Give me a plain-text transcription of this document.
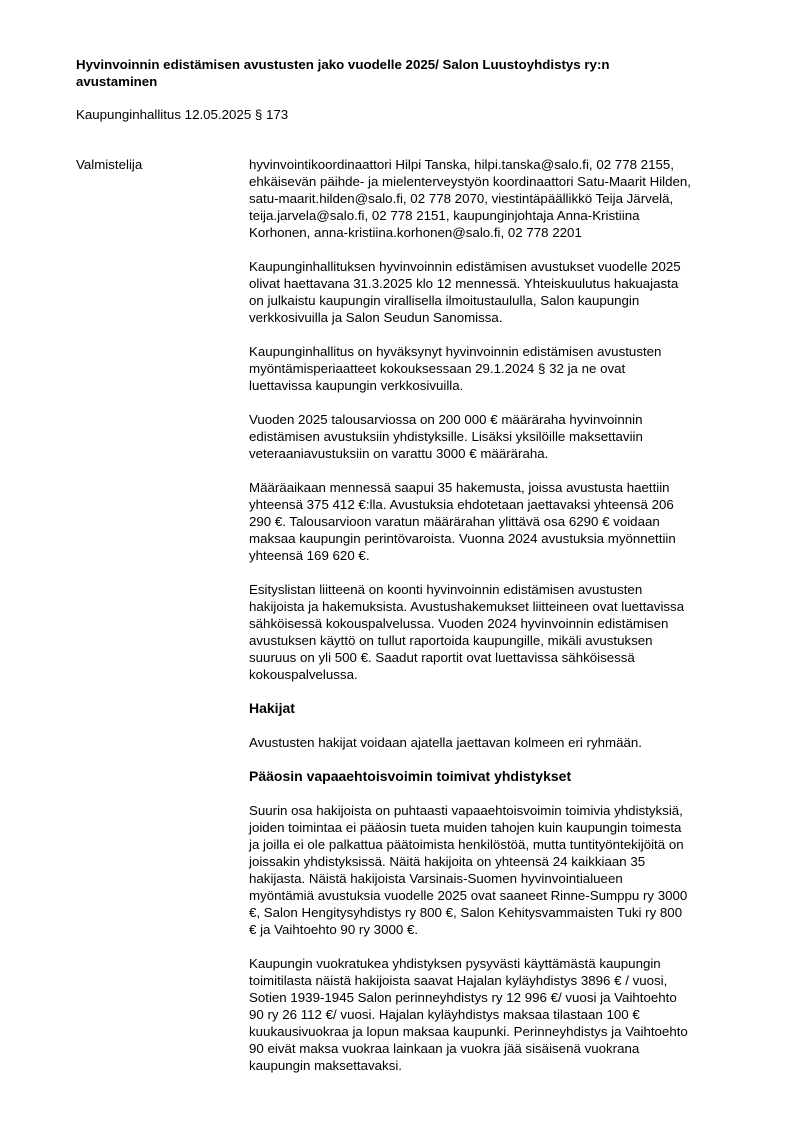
Hyvinvoinnin edistämisen avustusten jako vuodelle 2025/ Salon Luustoyhdistys ry:n
avustaminen
Kaupunginhallitus 12.05.2025 § 173
Valmistelija	hyvinvointikoordinaattori Hilpi Tanska, hilpi.tanska@salo.fi, 02 778 2155,
ehkäisevän päihde- ja mielenterveystyön koordinaattori Satu-Maarit Hilden,
satu-maarit.hilden@salo.fi, 02 778 2070, viestintäpäällikkö Teija Järvelä,
teija.jarvela@salo.fi, 02 778 2151, kaupunginjohtaja Anna-Kristiina
Korhonen, anna-kristiina.korhonen@salo.fi, 02 778 2201

Kaupunginhallituksen hyvinvoinnin edistämisen avustukset vuodelle 2025
olivat haettavana 31.3.2025 klo 12 mennessä. Yhteiskuulutus hakuajasta
on julkaistu kaupungin virallisella ilmoitustaululla, Salon kaupungin
verkkosivuilla ja Salon Seudun Sanomissa.

Kaupunginhallitus on hyväksynyt hyvinvoinnin edistämisen avustusten
myöntämisperiaatteet kokouksessaan 29.1.2024 § 32 ja ne ovat
luettavissa kaupungin verkkosivuilla.

Vuoden 2025 talousarviossa on 200 000 € määräraha hyvinvoinnin
edistämisen avustuksiin yhdistyksille. Lisäksi yksilöille maksettaviin
veteraaniavustuksiin on varattu 3000 € määräraha.

Määräaikaan mennessä saapui 35 hakemusta, joissa avustusta haettiin
yhteensä 375 412 €:lla. Avustuksia ehdotetaan jaettavaksi yhteensä 206
290 €. Talousarvioon varatun määrärahan ylittävä osa 6290 € voidaan
maksaa kaupungin perintövaroista. Vuonna 2024 avustuksia myönnettiin
yhteensä 169 620 €.

Esityslistan liitteenä on koonti hyvinvoinnin edistämisen avustusten
hakijoista ja hakemuksista. Avustushakemukset liitteineen ovat luettavissa
sähköisessä kokouspalvelussa. Vuoden 2024 hyvinvoinnin edistämisen
avustuksen käyttö on tullut raportoida kaupungille, mikäli avustuksen
suuruus on yli 500 €. Saadut raportit ovat luettavissa sähköisessä
kokouspalvelussa.

Hakijat

Avustusten hakijat voidaan ajatella jaettavan kolmeen eri ryhmään.

Pääosin vapaaehtoisvoimin toimivat yhdistykset

Suurin osa hakijoista on puhtaasti vapaaehtoisvoimin toimivia yhdistyksiä,
joiden toimintaa ei pääosin tueta muiden tahojen kuin kaupungin toimesta
ja joilla ei ole palkattua päätoimista henkilöstöä, mutta tuntityöntekijöitä on
joissakin yhdistyksissä. Näitä hakijoita on yhteensä 24 kaikkiaan 35
hakijasta. Näistä hakijoista Varsinais-Suomen hyvinvointialueen
myöntämiä avustuksia vuodelle 2025 ovat saaneet Rinne-Sumppu ry 3000
€, Salon Hengitysyhdistys ry 800 €, Salon Kehitysvammaisten Tuki ry 800
€ ja Vaihtoehto 90 ry 3000 €.

Kaupungin vuokratukea yhdistyksen pysyvästi käyttämästä kaupungin
toimitilasta näistä hakijoista saavat Hajalan kyläyhdistys 3896 € / vuosi,
Sotien 1939-1945 Salon perinneyhdistys ry 12 996 €/ vuosi ja Vaihtoehto
90 ry 26 112 €/ vuosi. Hajalan kyläyhdistys maksaa tilastaan 100 €
kuukausivuokraa ja lopun maksaa kaupunki. Perinneyhdistys ja Vaihtoehto
90 eivät maksa vuokraa lainkaan ja vuokra jää sisäisenä vuokrana
kaupungin maksettavaksi.
